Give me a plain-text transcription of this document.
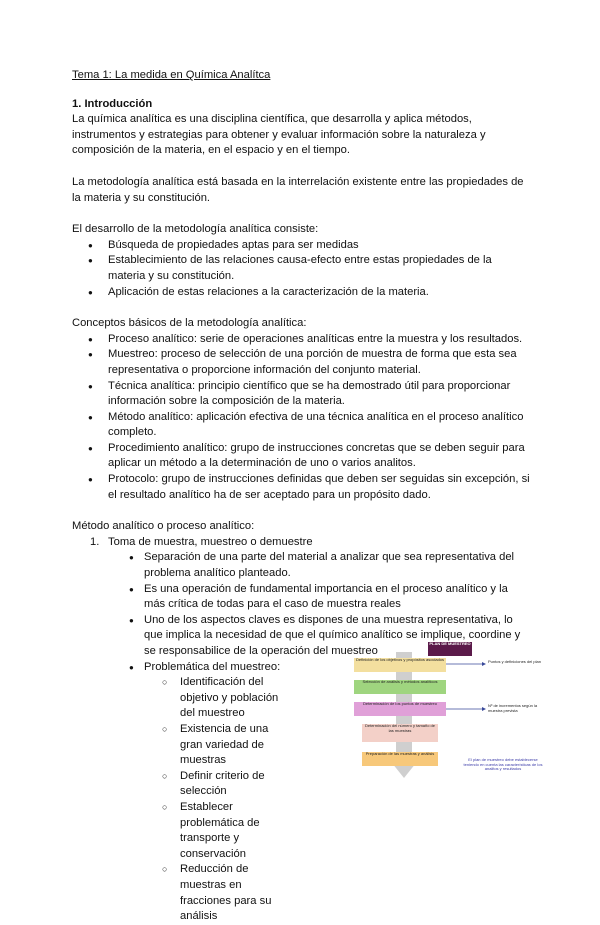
Tema 1: La medida en Química Analítca

1. Introducción

La química analítica es una disciplina científica, que desarrolla y aplica métodos, instrumentos y estrategias para obtener y evaluar información sobre la naturaleza y composición de la materia, en el espacio y en el tiempo.

La metodología analítica está basada en la interrelación existente entre las propiedades de la materia y su constitución.

El desarrollo de la metodología analítica consiste:

● Búsqueda de propiedades aptas para ser medidas
● Establecimiento de las relaciones causa-efecto entre estas propiedades de la materia y su constitución.
● Aplicación de estas relaciones a la caracterización de la materia.

Conceptos básicos de la metodología analítica:

● Proceso analítico: serie de operaciones analíticas entre la muestra y los resultados.
● Muestreo: proceso de selección de una porción de muestra de forma que esta sea representativa o proporcione información del conjunto material.
● Técnica analítica: principio científico que se ha demostrado útil para proporcionar información sobre la composición de la materia.
● Método analítico: aplicación efectiva de una técnica analítica en el proceso analítico completo.
● Procedimiento analítico: grupo de instrucciones concretas que se deben seguir para aplicar un método a la determinación de uno o varios analitos.
● Protocolo: grupo de instrucciones definidas que deben ser seguidas sin excepción, si el resultado analítico ha de ser aceptado para un propósito dado.

Método analítico o proceso analítico:

1. Toma de muestra, muestreo o demuestre
● Separación de una parte del material a analizar que sea representativa del problema analítico planteado.
● Es una operación de fundamental importancia en el proceso analítico y la más crítica de todas para el caso de muestra reales
● Uno de los aspectos claves es dispones de una muestra representativa, lo que implica la necesidad de que el químico analítico se implique, coordine y se responsabilice de la operación del muestreo
● Problemática del muestreo:
○ Identificación del objetivo y población del muestreo
○ Existencia de una gran variedad de muestras
○ Definir criterio de selección
○ Establecer problemática de transporte y conservación
○ Reducción de muestras en fracciones para su análisis
PLAN DE MUESTREO
Definición de los objetivos y propósitos asociados
Selección de análisis y métodos analíticos
Determinación de los puntos de muestreo
Determinación del número y tamaño de las muestras
Preparación de las muestras y análisis
Puntos y definiciones del plan
Nº de incrementos según la muestra prevista
El plan de muestreo debe establecerse teniendo en cuenta las características de los analitos y resultados
